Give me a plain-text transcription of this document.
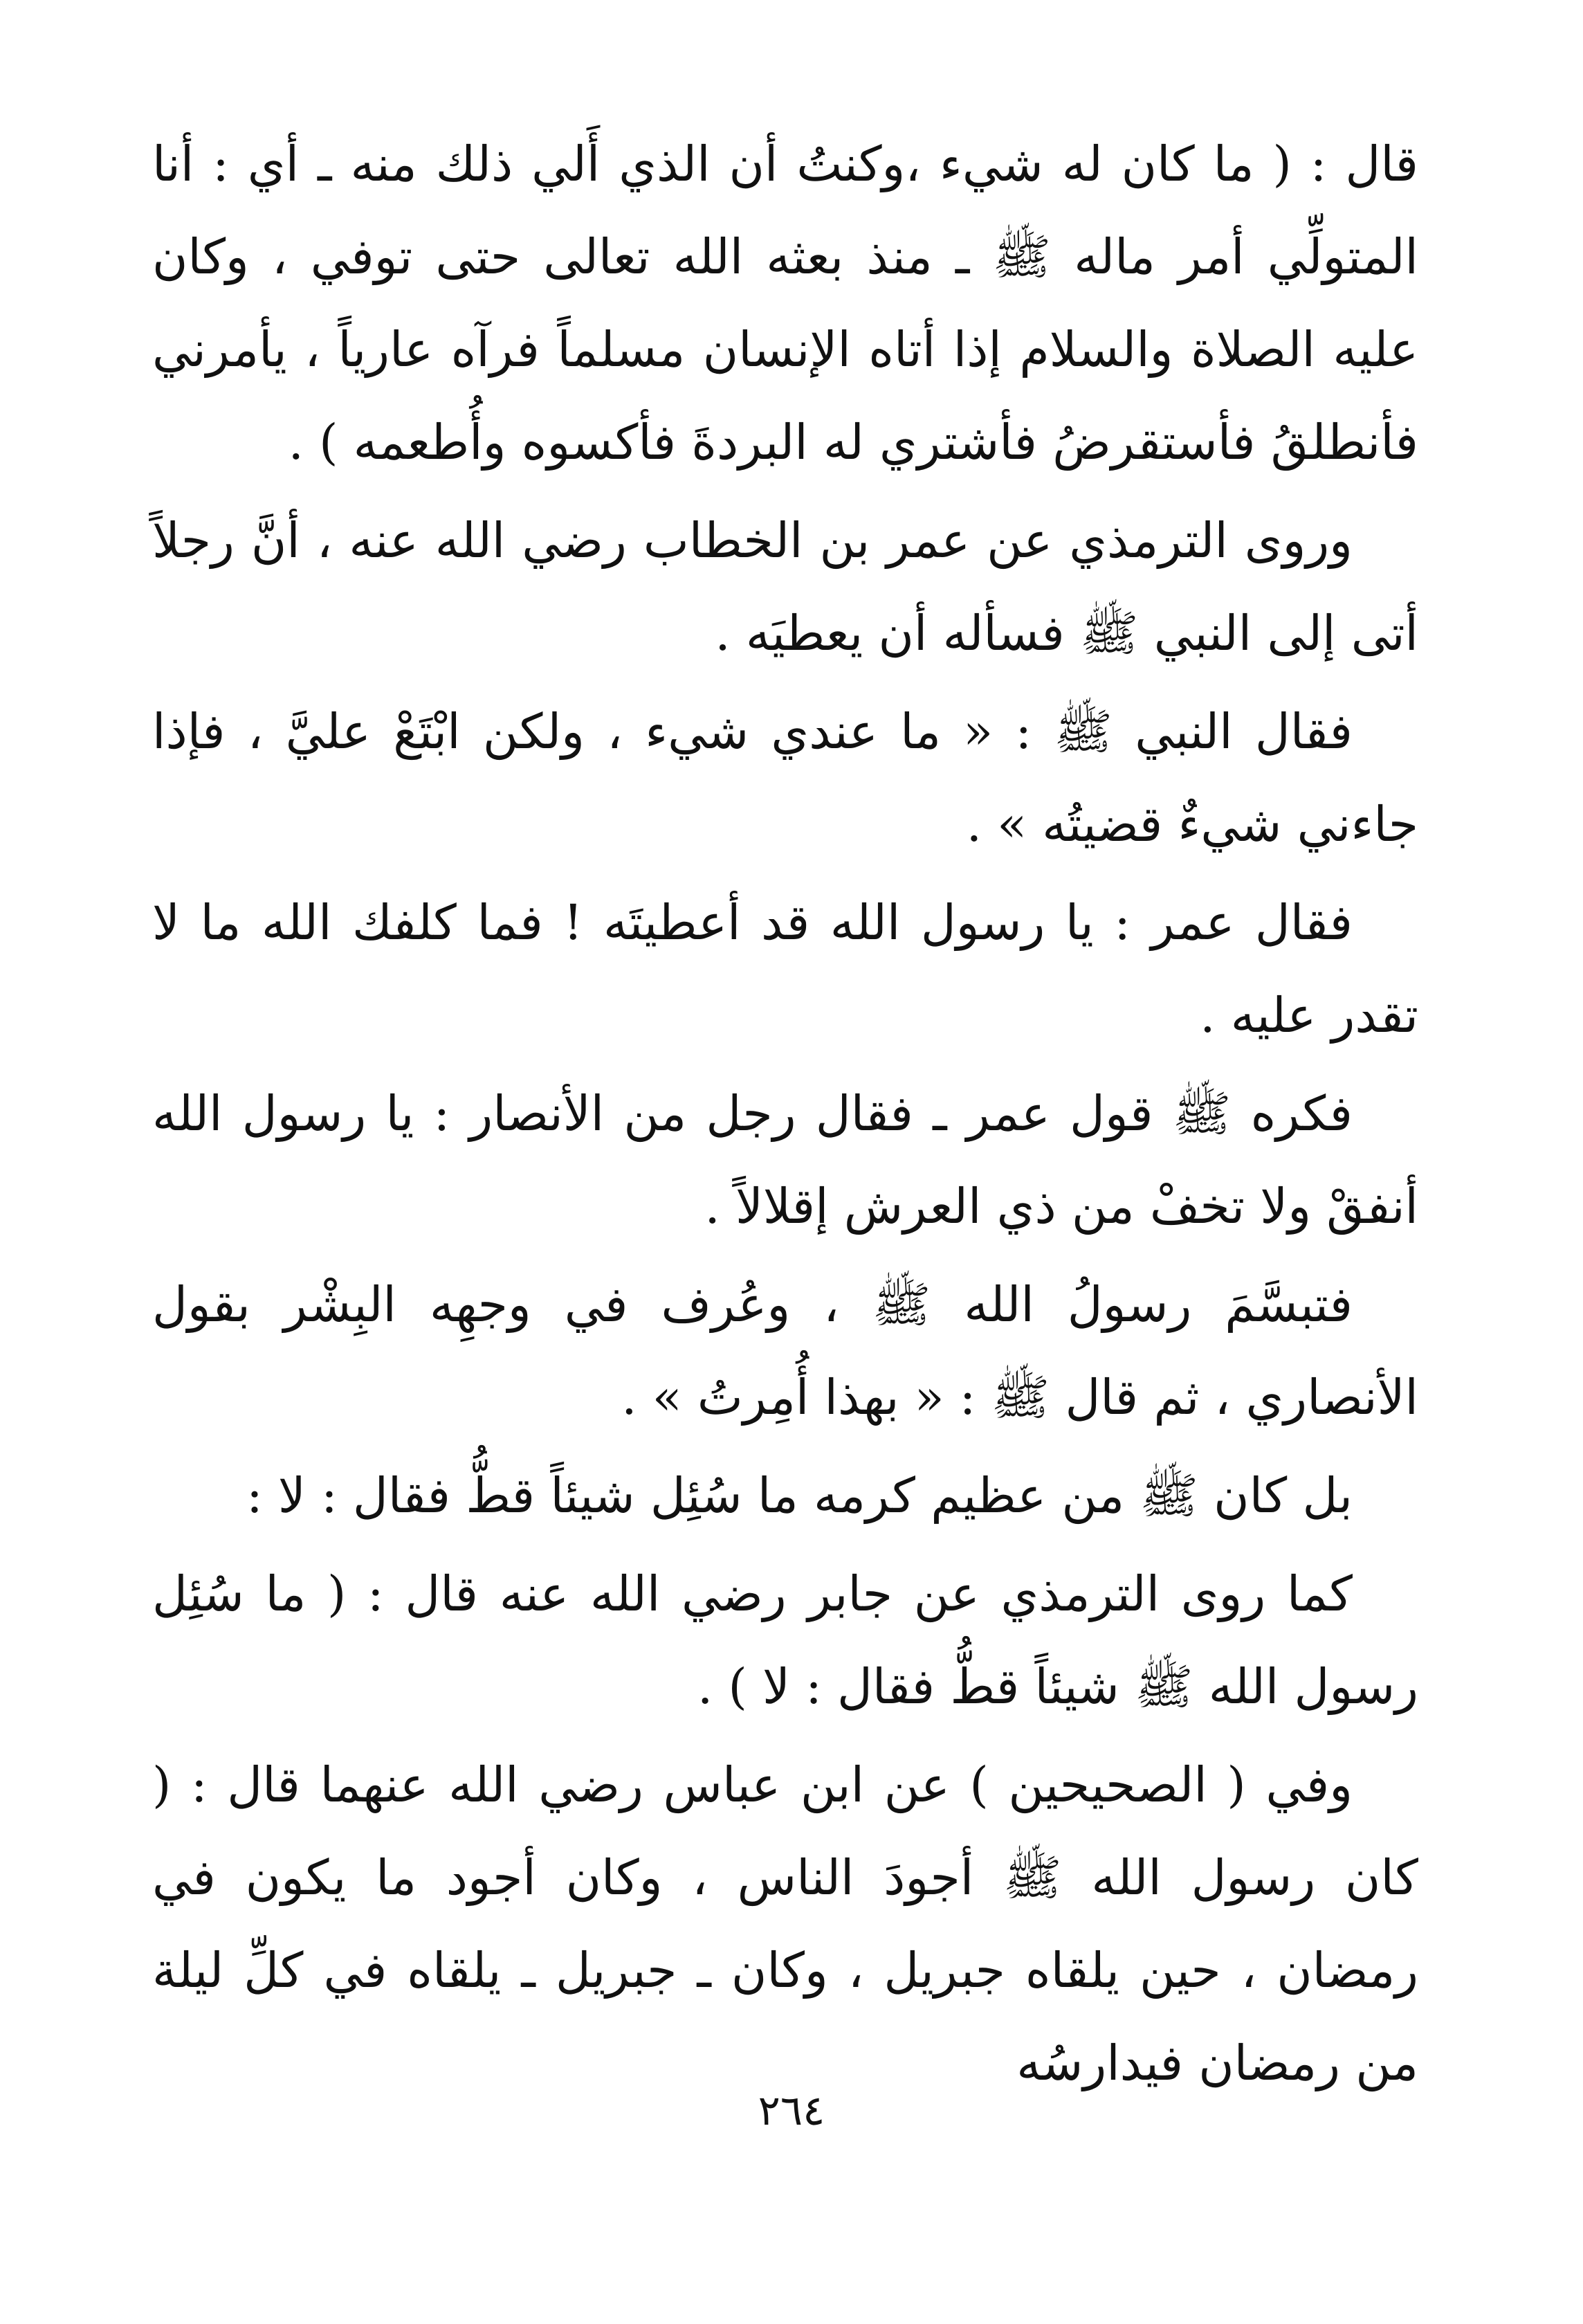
قال : ( ما كان له شيء ،وكنتُ أن الذي أَلي ذلك منه ـ أي : أنا المتولِّي أمر ماله ﷺ ـ منذ بعثه الله تعالى حتى توفي ، وكان عليه الصلاة والسلام إذا أتاه الإنسان مسلماً فرآه عارياً ، يأمرني فأنطلقُ فأستقرضُ فأشتري له البردةَ فأكسوه وأُطعمه ) .

وروى الترمذي عن عمر بن الخطاب رضي الله عنه ، أنَّ رجلاً أتى إلى النبي ﷺ فسأله أن يعطيَه .

فقال النبي ﷺ : « ما عندي شيء ، ولكن ابْتَعْ عليَّ ، فإذا جاءني شيءٌ قضيتُه » .

فقال عمر : يا رسول الله قد أعطيتَه ! فما كلفك الله ما لا تقدر عليه .

فكره ﷺ قول عمر ـ فقال رجل من الأنصار : يا رسول الله أنفقْ ولا تخفْ من ذي العرش إقلالاً .

فتبسَّمَ رسولُ الله ﷺ ، وعُرف في وجهِه البِشْر بقول الأنصاري ، ثم قال ﷺ : « بهذا أُمِرتُ » .

بل كان ﷺ من عظيم كرمه ما سُئِل شيئاً قطُّ فقال : لا :

كما روى الترمذي عن جابر رضي الله عنه قال : ( ما سُئِل رسول الله ﷺ شيئاً قطُّ فقال : لا ) .

وفي ( الصحيحين ) عن ابن عباس رضي الله عنهما قال : ( كان رسول الله ﷺ أجودَ الناس ، وكان أجود ما يكون في رمضان ، حين يلقاه جبريل ، وكان ـ جبريل ـ يلقاه في كلِّ ليلة من رمضان فيدارسُه

٢٦٤
